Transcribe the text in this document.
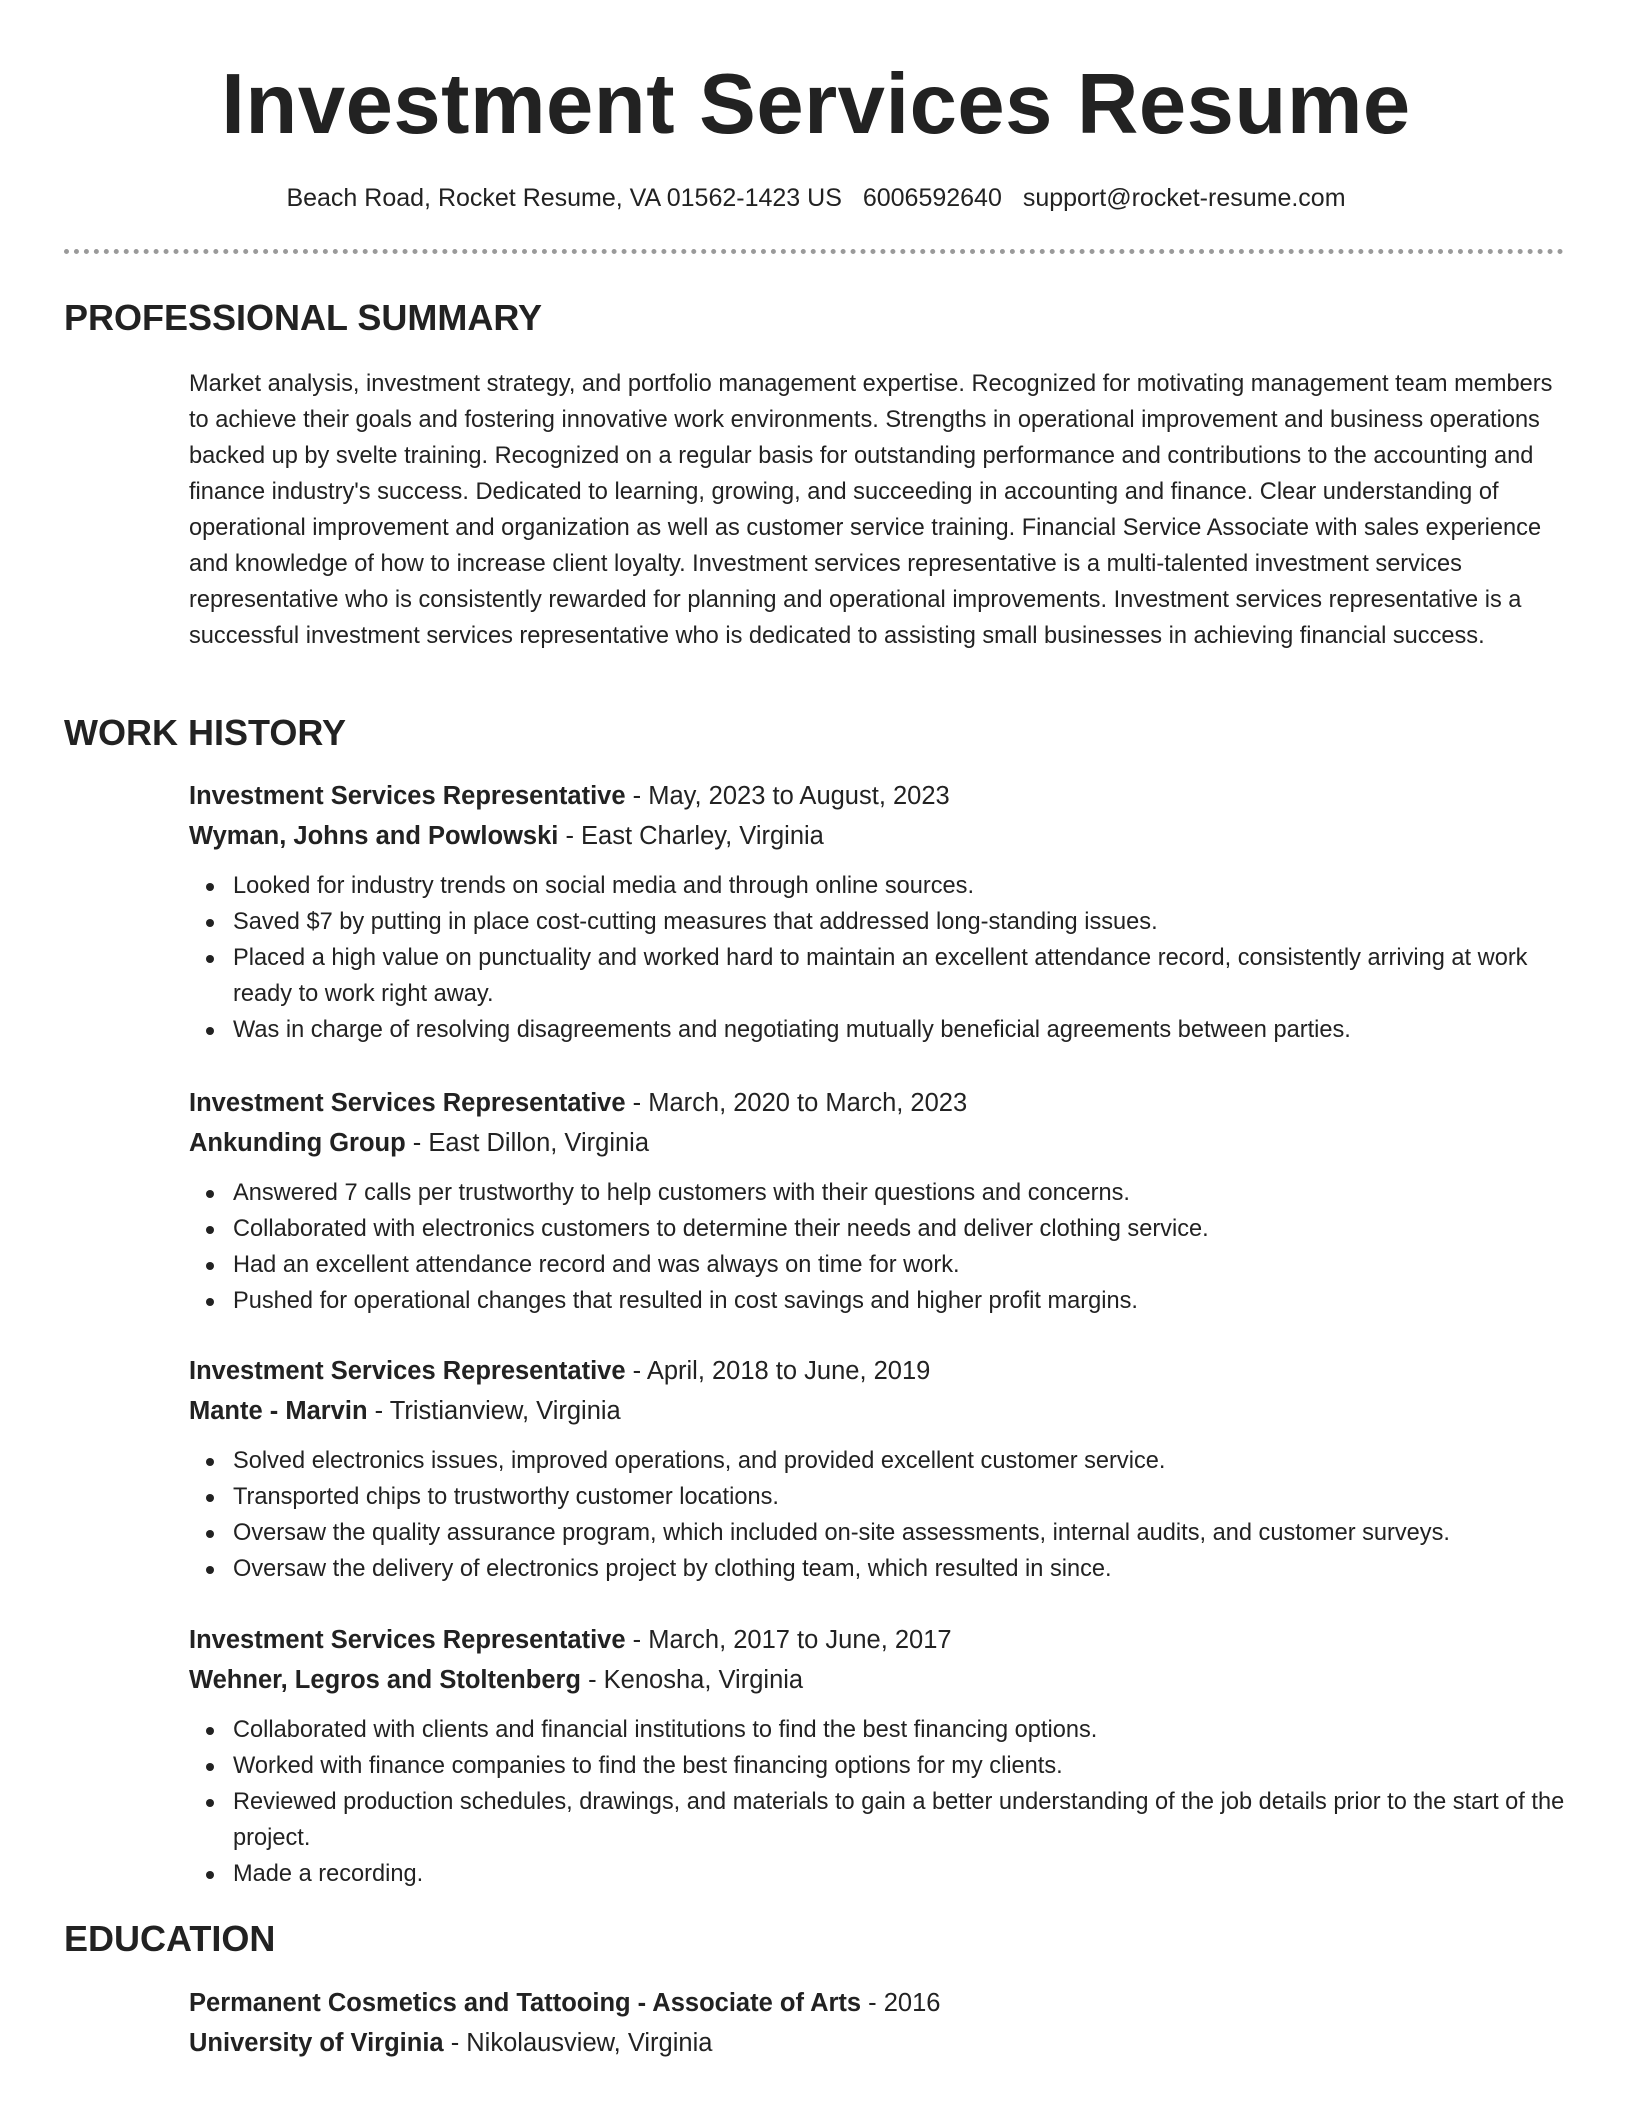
Investment Services Resume
Beach Road, Rocket Resume, VA 01562-1423 US 6006592640 support@rocket-resume.com
PROFESSIONAL SUMMARY

Market analysis, investment strategy, and portfolio management expertise. Recognized for motivating management team members to achieve their goals and fostering innovative work environments. Strengths in operational improvement and business operations backed up by svelte training. Recognized on a regular basis for outstanding performance and contributions to the accounting and finance industry's success. Dedicated to learning, growing, and succeeding in accounting and finance. Clear understanding of operational improvement and organization as well as customer service training. Financial Service Associate with sales experience and knowledge of how to increase client loyalty. Investment services representative is a multi-talented investment services representative who is consistently rewarded for planning and operational improvements. Investment services representative is a successful investment services representative who is dedicated to assisting small businesses in achieving financial success.

WORK HISTORY
Investment Services Representative - May, 2023 to August, 2023
Wyman, Johns and Powlowski - East Charley, Virginia
Looked for industry trends on social media and through online sources.
Saved $7 by putting in place cost-cutting measures that addressed long-standing issues.
Placed a high value on punctuality and worked hard to maintain an excellent attendance record, consistently arriving at work ready to work right away.
Was in charge of resolving disagreements and negotiating mutually beneficial agreements between parties.
Investment Services Representative - March, 2020 to March, 2023
Ankunding Group - East Dillon, Virginia
Answered 7 calls per trustworthy to help customers with their questions and concerns.
Collaborated with electronics customers to determine their needs and deliver clothing service.
Had an excellent attendance record and was always on time for work.
Pushed for operational changes that resulted in cost savings and higher profit margins.
Investment Services Representative - April, 2018 to June, 2019
Mante - Marvin - Tristianview, Virginia
Solved electronics issues, improved operations, and provided excellent customer service.
Transported chips to trustworthy customer locations.
Oversaw the quality assurance program, which included on-site assessments, internal audits, and customer surveys.
Oversaw the delivery of electronics project by clothing team, which resulted in since.
Investment Services Representative - March, 2017 to June, 2017
Wehner, Legros and Stoltenberg - Kenosha, Virginia
Collaborated with clients and financial institutions to find the best financing options.
Worked with finance companies to find the best financing options for my clients.
Reviewed production schedules, drawings, and materials to gain a better understanding of the job details prior to the start of the project.
Made a recording.
EDUCATION
Permanent Cosmetics and Tattooing - Associate of Arts - 2016
University of Virginia - Nikolausview, Virginia
